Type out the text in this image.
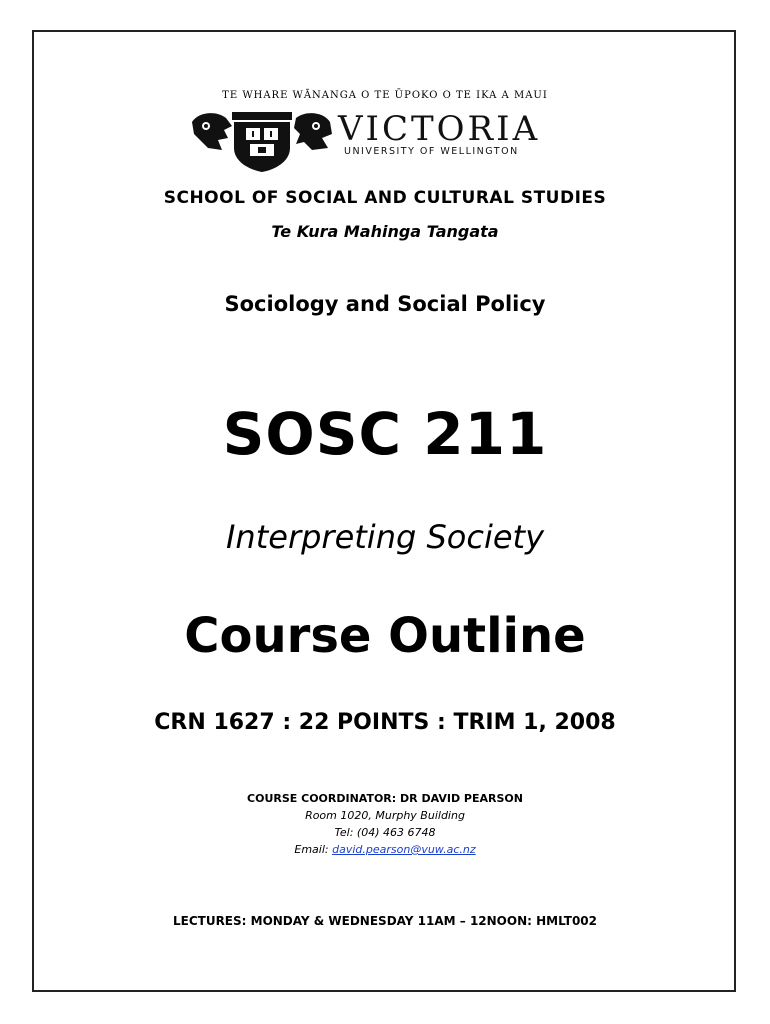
TE WHARE WĀNANGA O TE ŪPOKO O TE IKA A MAUI
VICTORIA
UNIVERSITY OF WELLINGTON
SCHOOL OF SOCIAL AND CULTURAL STUDIES
Te Kura Mahinga Tangata
Sociology and Social Policy
SOSC 211
Interpreting Society
Course Outline
CRN 1627 : 22 POINTS : TRIM 1, 2008
COURSE COORDINATOR: DR DAVID PEARSON
Room 1020, Murphy Building
Tel: (04) 463 6748
Email: david.pearson@vuw.ac.nz
LECTURES: MONDAY & WEDNESDAY 11AM – 12NOON: HMLT002
